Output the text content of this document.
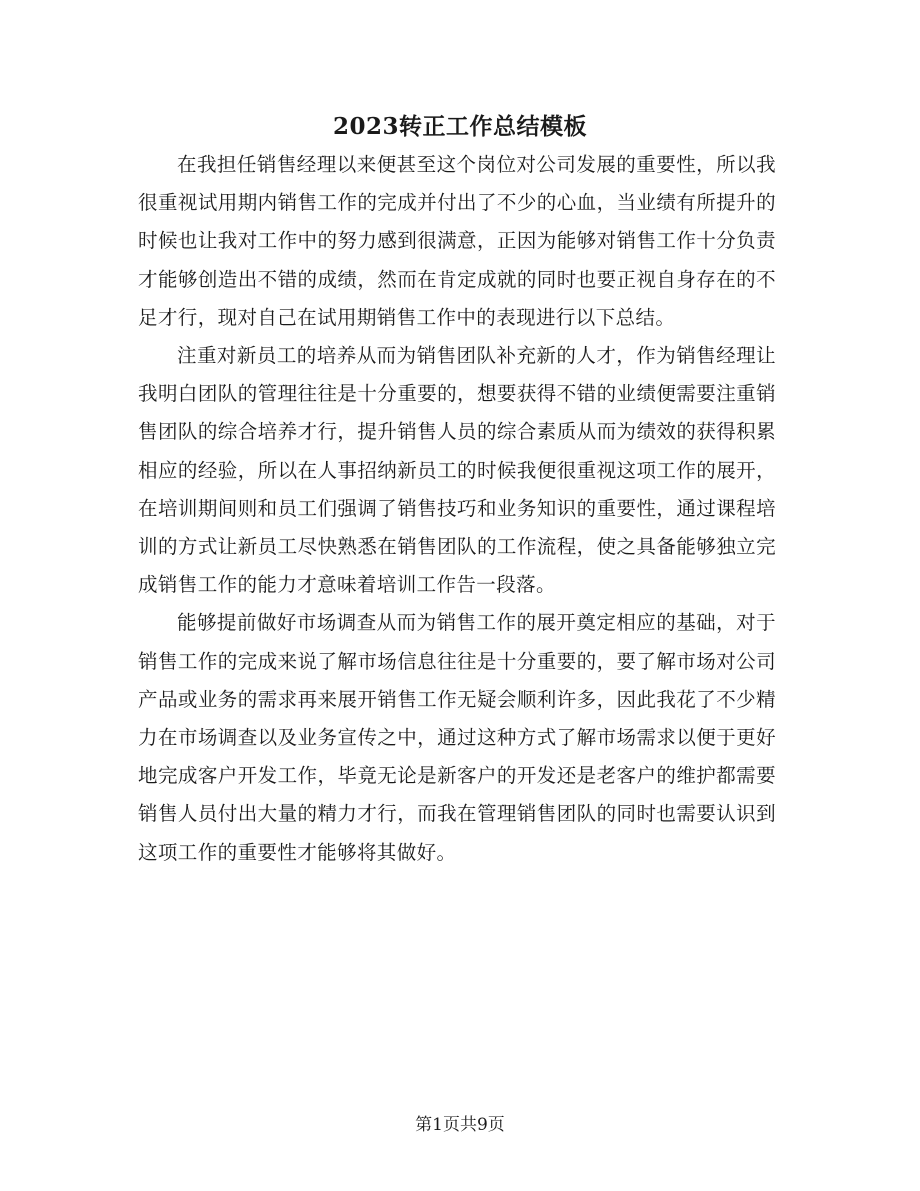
2023转正工作总结模板

在我担任销售经理以来便甚至这个岗位对公司发展的重要性，所以我很重视试用期内销售工作的完成并付出了不少的心血，当业绩有所提升的时候也让我对工作中的努力感到很满意，正因为能够对销售工作十分负责才能够创造出不错的成绩，然而在肯定成就的同时也要正视自身存在的不足才行，现对自己在试用期销售工作中的表现进行以下总结。

注重对新员工的培养从而为销售团队补充新的人才，作为销售经理让我明白团队的管理往往是十分重要的，想要获得不错的业绩便需要注重销售团队的综合培养才行，提升销售人员的综合素质从而为绩效的获得积累相应的经验，所以在人事招纳新员工的时候我便很重视这项工作的展开，在培训期间则和员工们强调了销售技巧和业务知识的重要性，通过课程培训的方式让新员工尽快熟悉在销售团队的工作流程，使之具备能够独立完成销售工作的能力才意味着培训工作告一段落。

能够提前做好市场调查从而为销售工作的展开奠定相应的基础，对于销售工作的完成来说了解市场信息往往是十分重要的，要了解市场对公司产品或业务的需求再来展开销售工作无疑会顺利许多，因此我花了不少精力在市场调查以及业务宣传之中，通过这种方式了解市场需求以便于更好地完成客户开发工作，毕竟无论是新客户的开发还是老客户的维护都需要销售人员付出大量的精力才行，而我在管理销售团队的同时也需要认识到这项工作的重要性才能够将其做好。

第1页共9页
